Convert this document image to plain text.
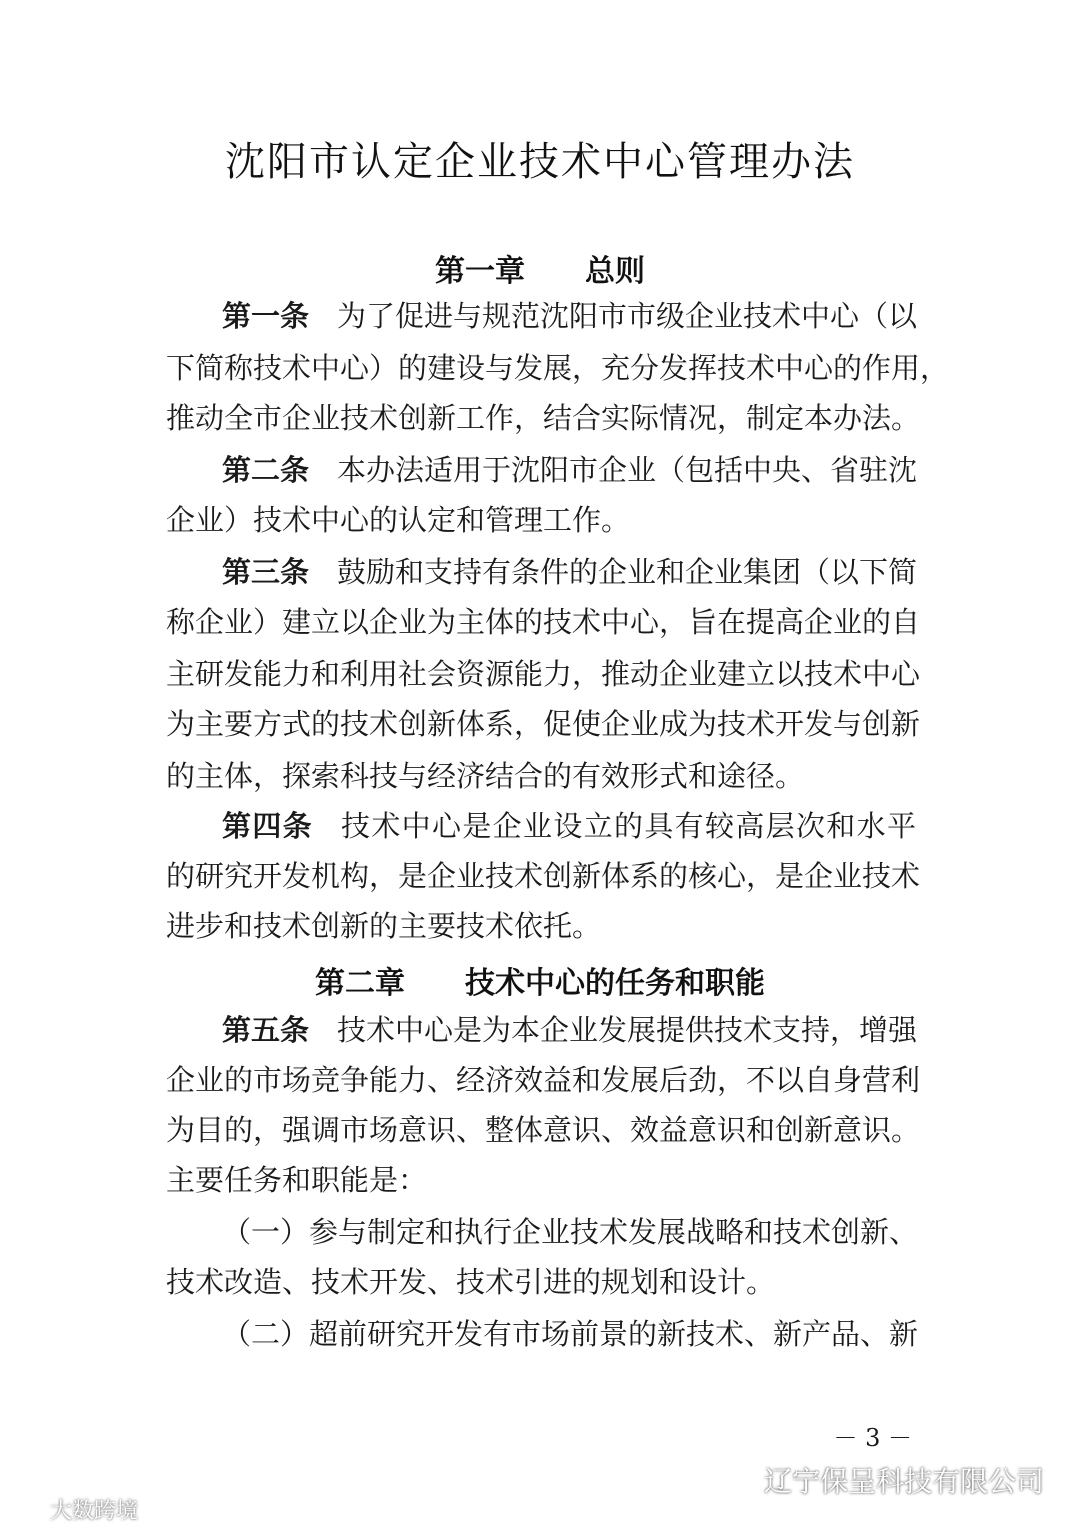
沈阳市认定企业技术中心管理办法
第一章　　总则
第一条 为了促进与规范沈阳市市级企业技术中心（以
下简称技术中心）的建设与发展，充分发挥技术中心的作用，
推动全市企业技术创新工作，结合实际情况，制定本办法。
第二条 本办法适用于沈阳市企业（包括中央、省驻沈
企业）技术中心的认定和管理工作。
第三条 鼓励和支持有条件的企业和企业集团（以下简
称企业）建立以企业为主体的技术中心，旨在提高企业的自
主研发能力和利用社会资源能力，推动企业建立以技术中心
为主要方式的技术创新体系，促使企业成为技术开发与创新
的主体，探索科技与经济结合的有效形式和途径。
第四条 技术中心是企业设立的具有较高层次和水平
的研究开发机构，是企业技术创新体系的核心，是企业技术
进步和技术创新的主要技术依托。
第二章　　技术中心的任务和职能
第五条 技术中心是为本企业发展提供技术支持，增强
企业的市场竞争能力、经济效益和发展后劲，不以自身营利
为目的，强调市场意识、整体意识、效益意识和创新意识。
主要任务和职能是：
（一）参与制定和执行企业技术发展战略和技术创新、
技术改造、技术开发、技术引进的规划和设计。
（二）超前研究开发有市场前景的新技术、新产品、新
－ 3 －
辽宁保呈科技有限公司
大数跨境
